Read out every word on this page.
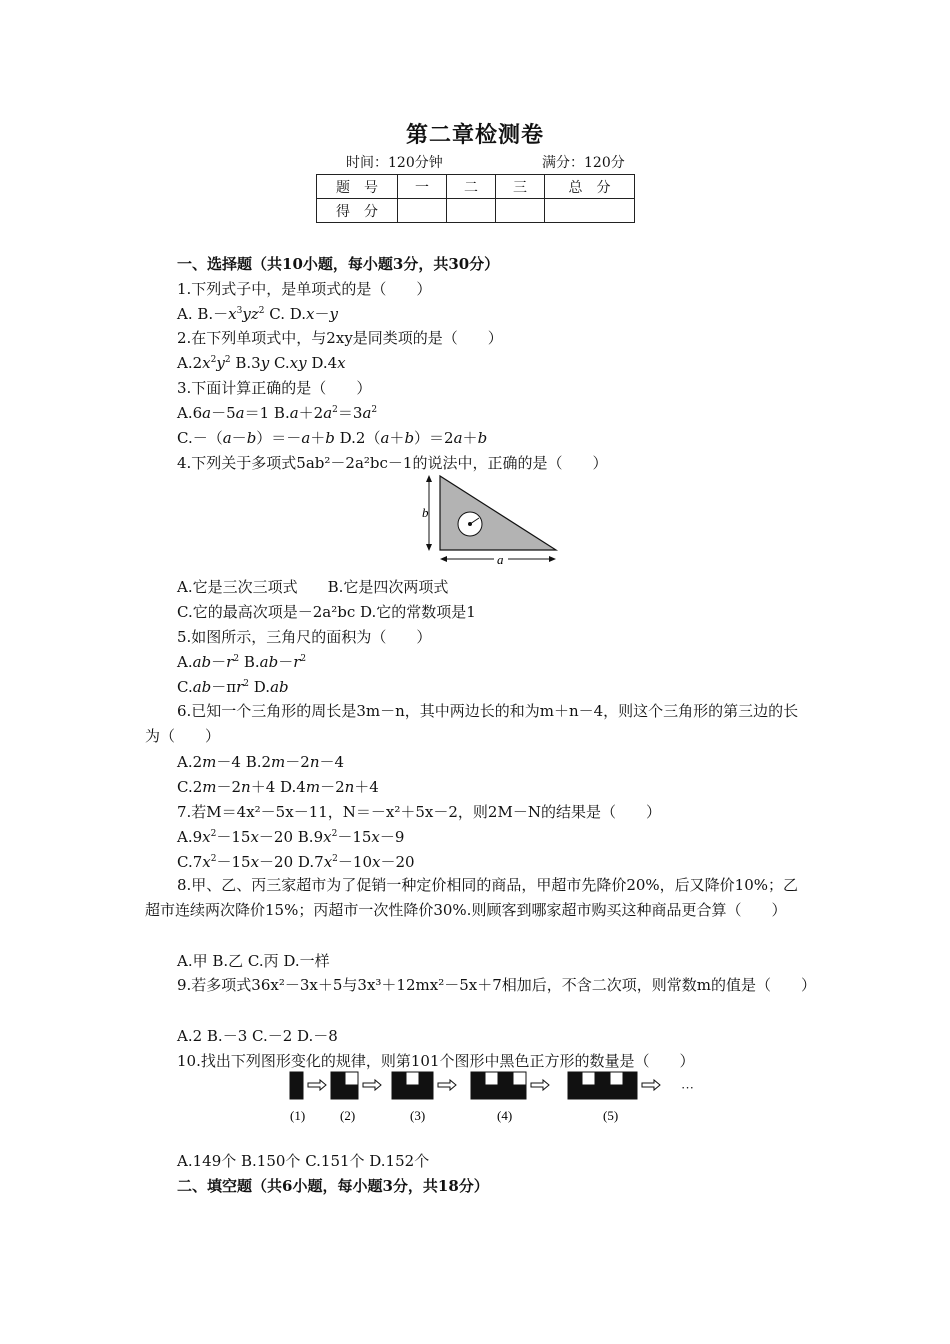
第二章检测卷
时间：120分钟	满分：120分
题　号	一	二	三	总　分
得　分				
一、选择题（共10小题，每小题3分，共30分）
1.下列式子中，是单项式的是（　　）
A. $B.-x^3yz^2$ C. D.x－y
2.在下列单项式中，与2xy是同类项的是（　　）
$A.2x^2y^2$ B.3y C.xy D.4x
3.下面计算正确的是（　　）
A.6a－5a＝1 $B.a+2a^2=3a^2$
C.－（a－b）＝－a＋b D.2（a＋b）＝2a＋b
4.下列关于多项式5ab²－2a²bc－1的说法中，正确的是（　　）
b
a
A.它是三次三项式　　B.它是四次两项式
C.它的最高次项是－2a²bc D.它的常数项是1
5.如图所示，三角尺的面积为（　　）
$A.ab-r^2$ $B.ab-r^2$
$C.ab-\pi r^2$ D.ab
6.已知一个三角形的周长是3m－n，其中两边长的和为m＋n－4，则这个三角形的第三边的长为（　　）
A.2m－4 B.2m－2n－4
C.2m－2n＋4 D.4m－2n＋4
7.若M＝4x²－5x－11，N＝－x²＋5x－2，则2M－N的结果是（　　）
$A.9x^2-15x-20$ $B.9x^2-15x-9$
$C.7x^2-15x-20$ $D.7x^2-10x-20$
8.甲、乙、丙三家超市为了促销一种定价相同的商品，甲超市先降价20%，后又降价10%；乙超市连续两次降价15%；丙超市一次性降价30%.则顾客到哪家超市购买这种商品更合算（　　）
A.甲 B.乙 C.丙 D.一样
9.若多项式36x²－3x＋5与3x³＋12mx²－5x＋7相加后，不含二次项，则常数m的值是（　　）
A.2 B.－3 C.－2 D.－8
10.找出下列图形变化的规律，则第101个图形中黑色正方形的数量是（　　）
(1)	(2)	(3)	(4)	(5)
···
A.149个 B.150个 C.151个 D.152个
二、填空题（共6小题，每小题3分，共18分）
